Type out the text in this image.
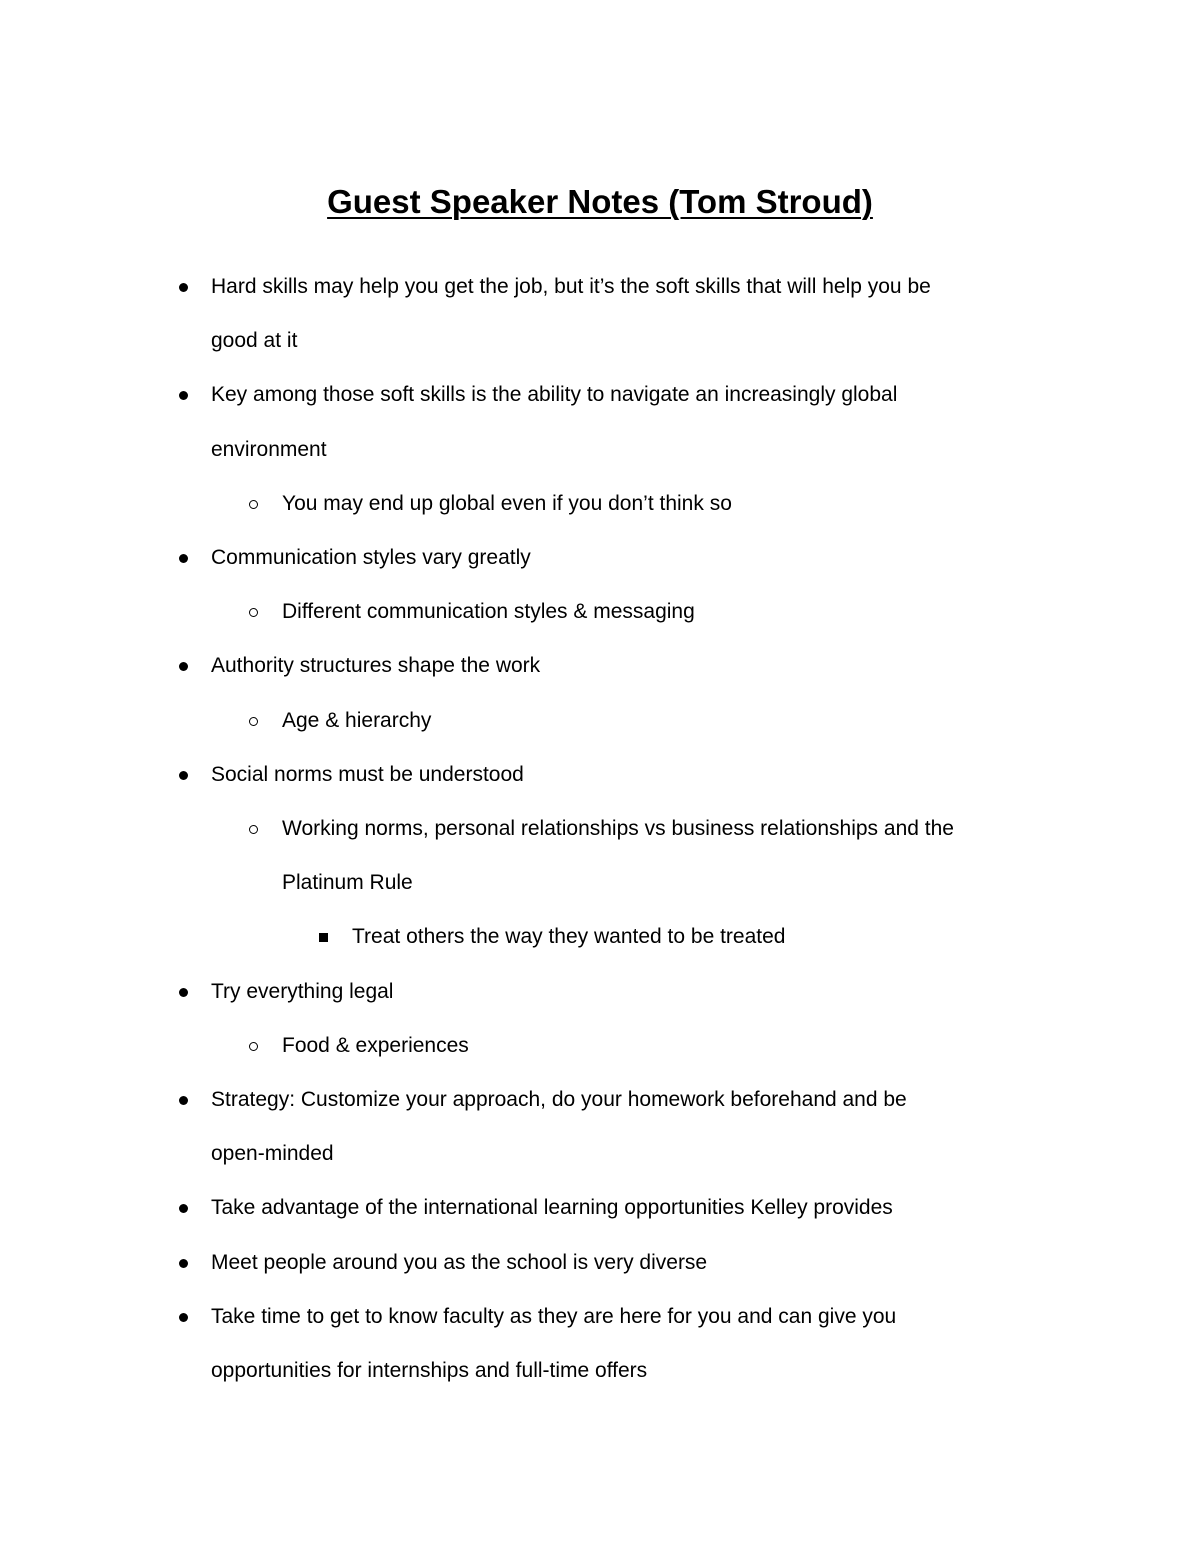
Guest Speaker Notes (Tom Stroud)
Hard skills may help you get the job, but it’s the soft skills that will help you be
good at it
Key among those soft skills is the ability to navigate an increasingly global
environment
You may end up global even if you don’t think so
Communication styles vary greatly
Different communication styles & messaging
Authority structures shape the work
Age & hierarchy
Social norms must be understood
Working norms, personal relationships vs business relationships and the
Platinum Rule
Treat others the way they wanted to be treated
Try everything legal
Food & experiences
Strategy: Customize your approach, do your homework beforehand and be
open-minded
Take advantage of the international learning opportunities Kelley provides
Meet people around you as the school is very diverse
Take time to get to know faculty as they are here for you and can give you
opportunities for internships and full-time offers
